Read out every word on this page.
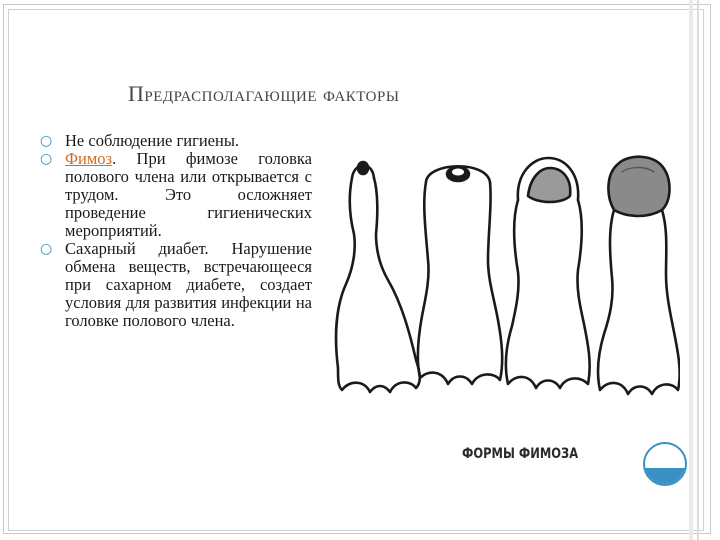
Предрасполагающие факторы
○ Не соблюдение гигиены.
○ Фимоз. При фимозе головка полового члена или открывается с трудом. Это осложняет проведение гигиенических мероприятий.
○ Сахарный диабет. Нарушение обмена веществ, встречающееся при сахарном диабете, создает условия для развития инфекции на головке полового члена.
ФОРМЫ ФИМОЗА
